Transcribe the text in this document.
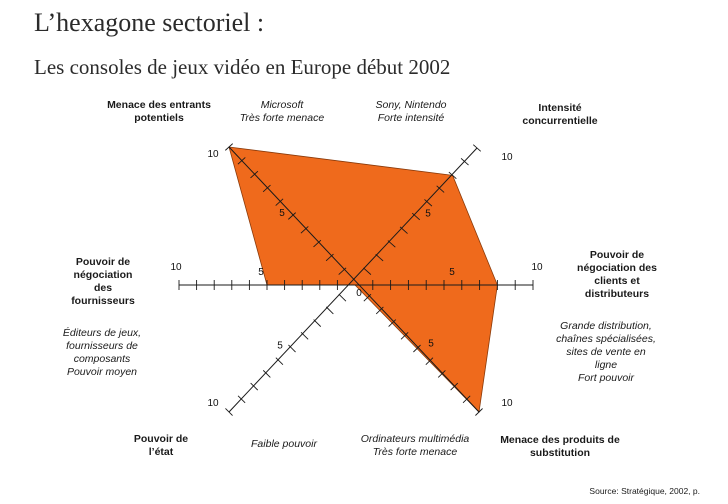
L’hexagone sectoriel :
Les consoles de jeux vidéo en Europe début 2002
10
5
10
5
10
5
10
5
10
5
10	5
0
Menace des entrants
potentiels
Microsoft
Très forte menace
Sony, Nintendo
Forte intensité
Intensité
concurrentielle
Pouvoir de
négociation
des
fournisseurs
Éditeurs de jeux,
fournisseurs de
composants
Pouvoir moyen
Pouvoir de
négociation des
clients et
distributeurs
Grande distribution,
chaînes spécialisées,
sites de vente en
ligne
Fort pouvoir
Pouvoir de
l’état
Faible pouvoir	Ordinateurs multimédia
Très forte menace
Menace des produits de
substitution
Source: Stratégique, 2002, p.
